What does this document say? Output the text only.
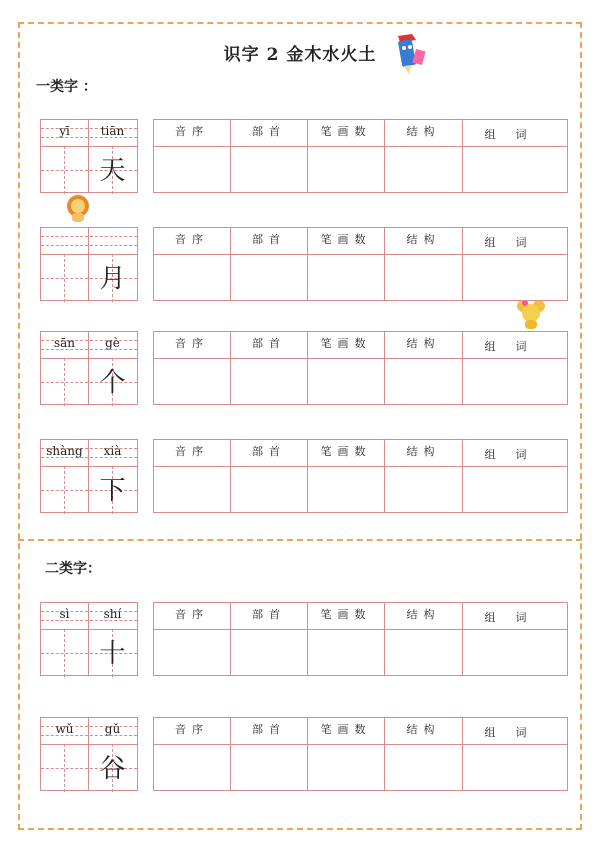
识字 2 金木水火土
一类字 ：
二类字：
yī	tiān
天
音序	部首	笔画数	结构	组词
月
音序	部首	笔画数	结构	组词
sān	gè
个
音序	部首	笔画数	结构	组词
shàng	xià
下
音序	部首	笔画数	结构	组词
sì	shí
十
音序	部首	笔画数	结构	组词
wǔ	gǔ
谷
音序	部首	笔画数	结构	组词
